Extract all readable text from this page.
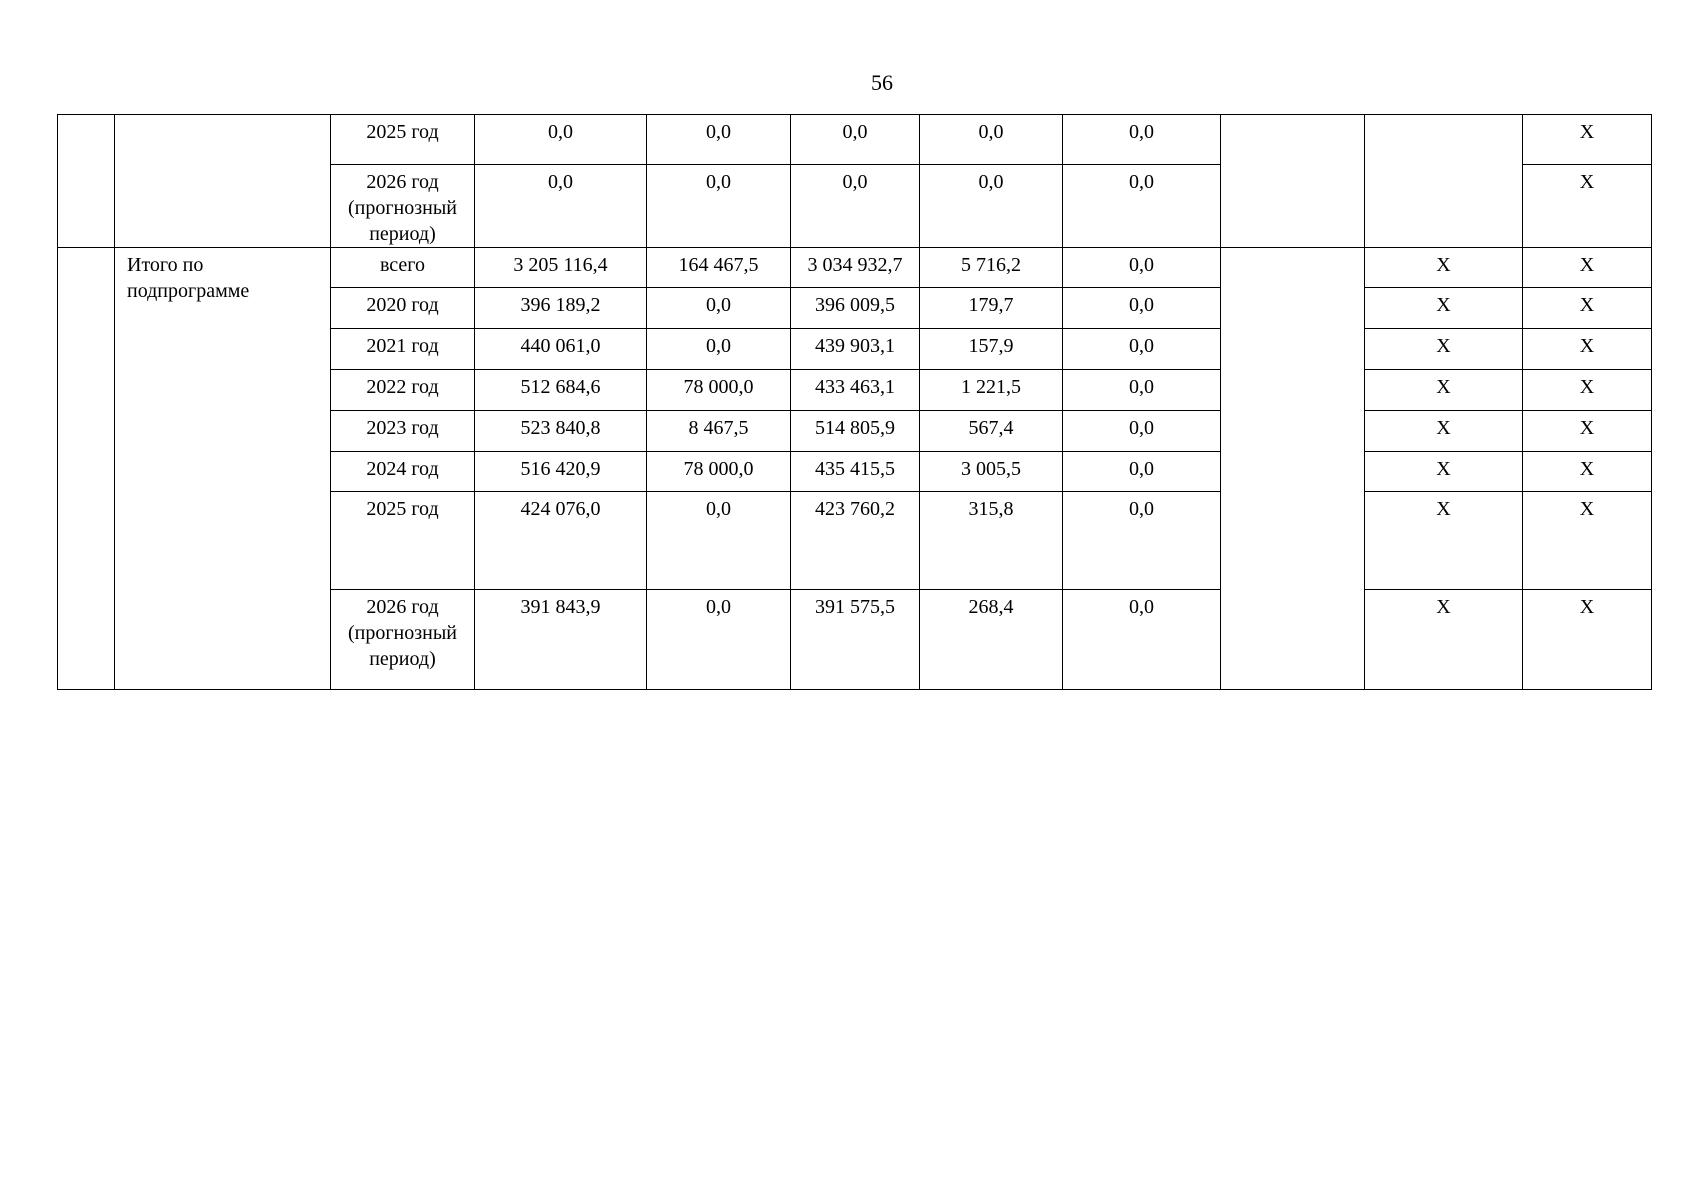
56
		2025 год	0,0	0,0	0,0	0,0	0,0			X
		2026 год (прогнозный период)	0,0	0,0	0,0	0,0	0,0			X
	Итого по подпрограмме	всего	3 205 116,4	164 467,5	3 034 932,7	5 716,2	0,0		X	X
		2020 год	396 189,2	0,0	396 009,5	179,7	0,0		X	X
		2021 год	440 061,0	0,0	439 903,1	157,9	0,0		X	X
		2022 год	512 684,6	78 000,0	433 463,1	1 221,5	0,0		X	X
		2023 год	523 840,8	8 467,5	514 805,9	567,4	0,0		X	X
		2024 год	516 420,9	78 000,0	435 415,5	3 005,5	0,0		X	X
		2025 год	424 076,0	0,0	423 760,2	315,8	0,0		X	X
		2026 год (прогнозный период)	391 843,9	0,0	391 575,5	268,4	0,0		X	X
